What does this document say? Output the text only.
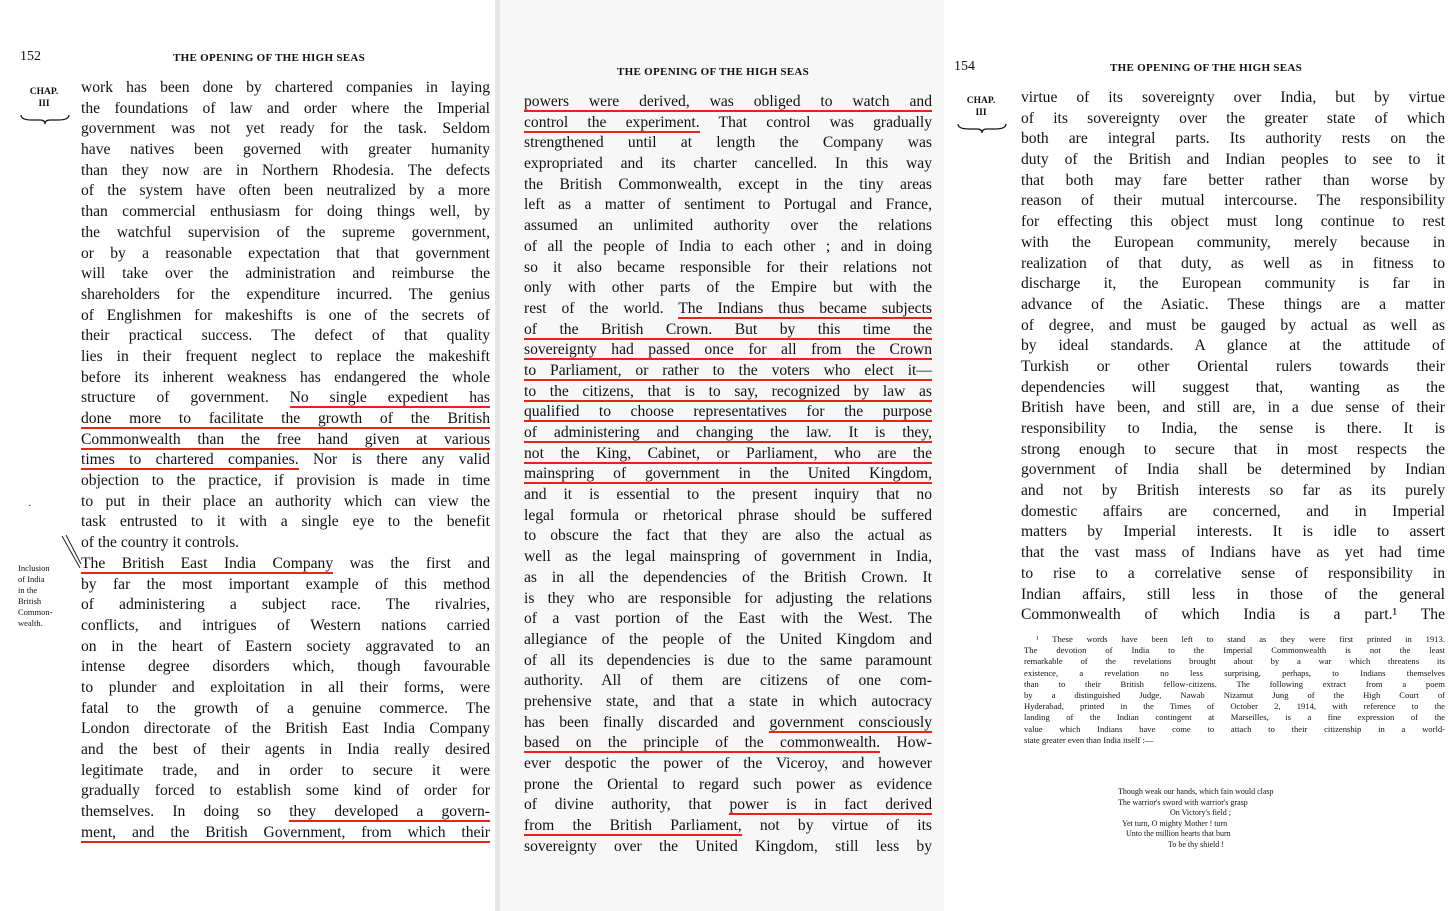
152	THE OPENING OF THE HIGH SEAS
CHAP.
III
·
Inclusion
of India
in the
British
Common-
wealth.
work has been done by chartered companies in laying
the foundations of law and order where the Imperial
government was not yet ready for the task. Seldom
have natives been governed with greater humanity
than they now are in Northern Rhodesia. The defects
of the system have often been neutralized by a more
than commercial enthusiasm for doing things well, by
the watchful supervision of the supreme government,
or by a reasonable expectation that that government
will take over the administration and reimburse the
shareholders for the expenditure incurred. The genius
of Englishmen for makeshifts is one of the secrets of
their practical success. The defect of that quality
lies in their frequent neglect to replace the makeshift
before its inherent weakness has endangered the whole
structure of government. No single expedient has
done more to facilitate the growth of the British
Commonwealth than the free hand given at various
times to chartered companies. Nor is there any valid
objection to the practice, if provision is made in time
to put in their place an authority which can view the
task entrusted to it with a single eye to the benefit
of the country it controls.
The British East India Company was the first and
by far the most important example of this method
of administering a subject race. The rivalries,
conflicts, and intrigues of Western nations carried
on in the heart of Eastern society aggravated to an
intense degree disorders which, though favourable
to plunder and exploitation in all their forms, were
fatal to the growth of a genuine commerce. The
London directorate of the British East India Company
and the best of their agents in India really desired
legitimate trade, and in order to secure it were
gradually forced to establish some kind of order for
themselves. In doing so they developed a govern-
ment, and the British Government, from which their
THE OPENING OF THE HIGH SEAS
powers were derived, was obliged to watch and
control the experiment. That control was gradually
strengthened until at length the Company was
expropriated and its charter cancelled. In this way
the British Commonwealth, except in the tiny areas
left as a matter of sentiment to Portugal and France,
assumed an unlimited authority over the relations
of all the people of India to each other ; and in doing
so it also became responsible for their relations not
only with other parts of the Empire but with the
rest of the world. The Indians thus became subjects
of the British Crown. But by this time the
sovereignty had passed once for all from the Crown
to Parliament, or rather to the voters who elect it—
to the citizens, that is to say, recognized by law as
qualified to choose representatives for the purpose
of administering and changing the law. It is they,
not the King, Cabinet, or Parliament, who are the
mainspring of government in the United Kingdom,
and it is essential to the present inquiry that no
legal formula or rhetorical phrase should be suffered
to obscure the fact that they are also the actual as
well as the legal mainspring of government in India,
as in all the dependencies of the British Crown. It
is they who are responsible for adjusting the relations
of a vast portion of the East with the West. The
allegiance of the people of the United Kingdom and
of all its dependencies is due to the same paramount
authority. All of them are citizens of one com-
prehensive state, and that a state in which autocracy
has been finally discarded and government consciously
based on the principle of the commonwealth. How-
ever despotic the power of the Viceroy, and however
prone the Oriental to regard such power as evidence
of divine authority, that power is in fact derived
from the British Parliament, not by virtue of its
sovereignty over the United Kingdom, still less by
154	THE OPENING OF THE HIGH SEAS
CHAP.
III
virtue of its sovereignty over India, but by virtue
of its sovereignty over the greater state of which
both are integral parts. Its authority rests on the
duty of the British and Indian peoples to see to it
that both may fare better rather than worse by
reason of their mutual intercourse. The responsibility
for effecting this object must long continue to rest
with the European community, merely because in
realization of that duty, as well as in fitness to
discharge it, the European community is far in
advance of the Asiatic. These things are a matter
of degree, and must be gauged by actual as well as
by ideal standards. A glance at the attitude of
Turkish or other Oriental rulers towards their
dependencies will suggest that, wanting as the
British have been, and still are, in a due sense of their
responsibility to India, the sense is there. It is
strong enough to secure that in most respects the
government of India shall be determined by Indian
and not by British interests so far as its purely
domestic affairs are concerned, and in Imperial
matters by Imperial interests. It is idle to assert
that the vast mass of Indians have as yet had time
to rise to a correlative sense of responsibility in
Indian affairs, still less in those of the general
Commonwealth of which India is a part.¹ The
¹ These words have been left to stand as they were first printed in 1913.
The devotion of India to the Imperial Commonwealth is not the least
remarkable of the revelations brought about by a war which threatens its
existence, a revelation no less surprising, perhaps, to Indians themselves
than to their British fellow-citizens. The following extract from a poem
by a distinguished Judge, Nawab Nizamut Jung of the High Court of
Hyderabad, printed in the Times of October 2, 1914, with reference to the
landing of the Indian contingent at Marseilles, is a fine expression of the
value which Indians have come to attach to their citizenship in a world-
state greater even than India itself :—
Though weak our hands, which fain would clasp
The warrior's sword with warrior's grasp
On Victory's field ;
Yet turn, O mighty Mother ! turn
Unto the million hearts that burn
To be thy shield !
